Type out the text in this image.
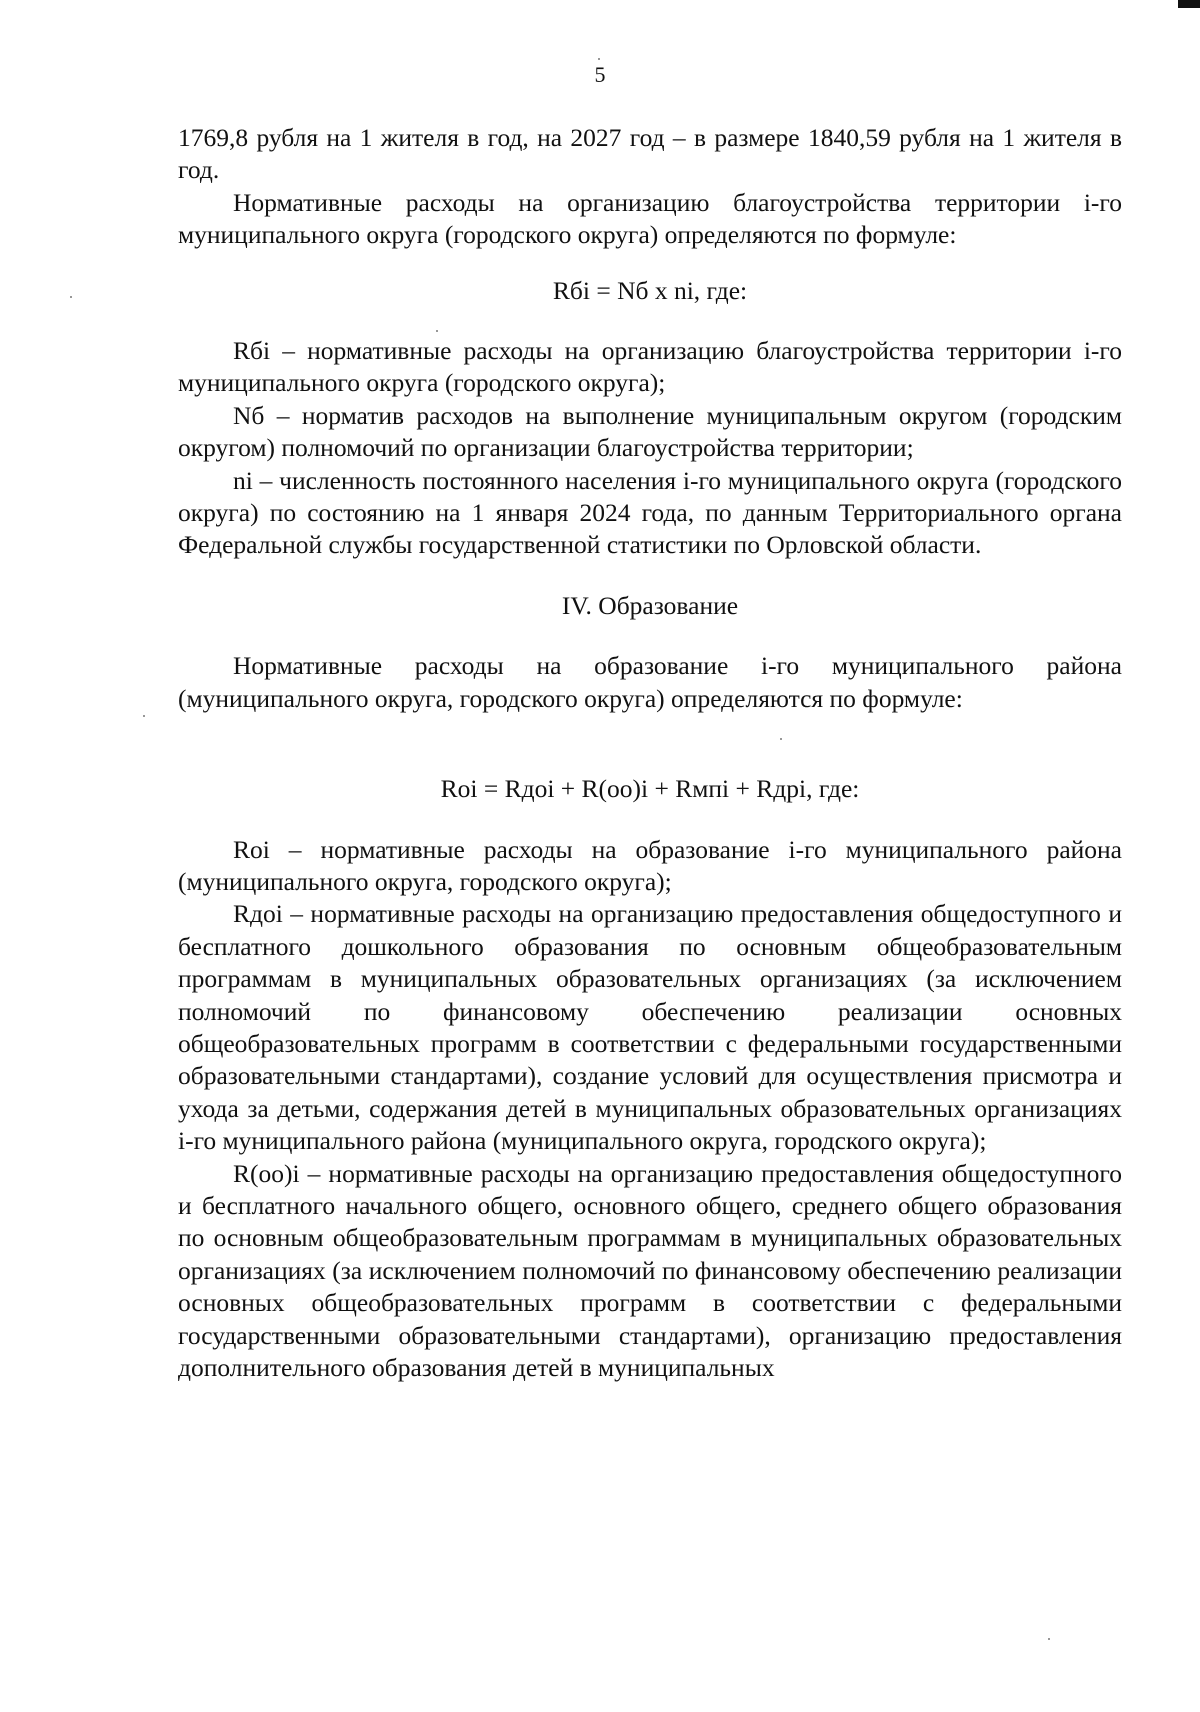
5

1769,8 рубля на 1 жителя в год, на 2027 год – в размере 1840,59 рубля на 1 жителя в год.

Нормативные расходы на организацию благоустройства территории i-го муниципального округа (городского округа) определяются по формуле:

Rбi = Nб x ni, где:

Rбi – нормативные расходы на организацию благоустройства территории i-го муниципального округа (городского округа);

Nб – норматив расходов на выполнение муниципальным округом (городским округом) полномочий по организации благоустройства территории;

ni – численность постоянного населения i-го муниципального округа (городского округа) по состоянию на 1 января 2024 года, по данным Территориального органа Федеральной службы государственной статистики по Орловской области.

IV. Образование

Нормативные расходы на образование i-го муниципального района (муниципального округа, городского округа) определяются по формуле:

Roi = Rдоi + R(оо)i + Rмпi + Rдрi, где:

Roi – нормативные расходы на образование i-го муниципального района (муниципального округа, городского округа);

Rдоi – нормативные расходы на организацию предоставления общедоступного и бесплатного дошкольного образования по основным общеобразовательным программам в муниципальных образовательных организациях (за исключением полномочий по финансовому обеспечению реализации основных общеобразовательных программ в соответствии с федеральными государственными образовательными стандартами), создание условий для осуществления присмотра и ухода за детьми, содержания детей в муниципальных образовательных организациях i-го муниципального района (муниципального округа, городского округа);

R(оо)i – нормативные расходы на организацию предоставления общедоступного и бесплатного начального общего, основного общего, среднего общего образования по основным общеобразовательным программам в муниципальных образовательных организациях (за исключением полномочий по финансовому обеспечению реализации основных общеобразовательных программ в соответствии с федеральными государственными образовательными стандартами), организацию предоставления дополнительного образования детей в муниципальных
